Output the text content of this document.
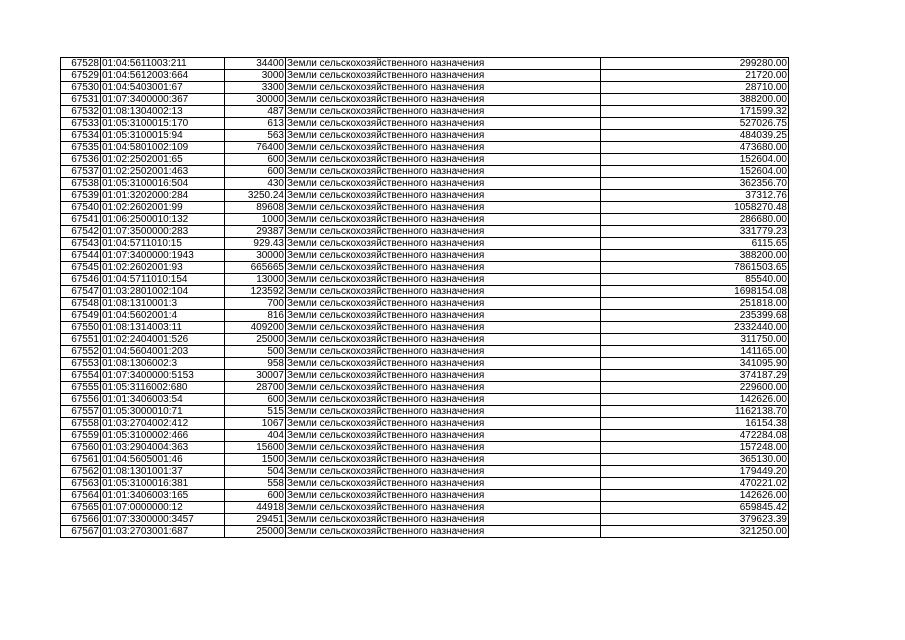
67528	01:04:5611003:211	34400	Земли сельскохозяйственного назначения	299280.00
67529	01:04:5612003:664	3000	Земли сельскохозяйственного назначения	21720.00
67530	01:04:5403001:67	3300	Земли сельскохозяйственного назначения	28710.00
67531	01:07:3400000:367	30000	Земли сельскохозяйственного назначения	388200.00
67532	01:08:1304002:13	487	Земли сельскохозяйственного назначения	171599.32
67533	01:05:3100015:170	613	Земли сельскохозяйственного назначения	527026.75
67534	01:05:3100015:94	563	Земли сельскохозяйственного назначения	484039.25
67535	01:04:5801002:109	76400	Земли сельскохозяйственного назначения	473680.00
67536	01:02:2502001:65	600	Земли сельскохозяйственного назначения	152604.00
67537	01:02:2502001:463	600	Земли сельскохозяйственного назначения	152604.00
67538	01:05:3100016:504	430	Земли сельскохозяйственного назначения	362356.70
67539	01:01:3202000:284	3250.24	Земли сельскохозяйственного назначения	37312.76
67540	01:02:2602001:99	89608	Земли сельскохозяйственного назначения	1058270.48
67541	01:06:2500010:132	1000	Земли сельскохозяйственного назначения	286680.00
67542	01:07:3500000:283	29387	Земли сельскохозяйственного назначения	331779.23
67543	01:04:5711010:15	929.43	Земли сельскохозяйственного назначения	6115.65
67544	01:07:3400000:1943	30000	Земли сельскохозяйственного назначения	388200.00
67545	01:02:2602001:93	665665	Земли сельскохозяйственного назначения	7861503.65
67546	01:04:5711010:154	13000	Земли сельскохозяйственного назначения	85540.00
67547	01:03:2801002:104	123592	Земли сельскохозяйственного назначения	1698154.08
67548	01:08:1310001:3	700	Земли сельскохозяйственного назначения	251818.00
67549	01:04:5602001:4	816	Земли сельскохозяйственного назначения	235399.68
67550	01:08:1314003:11	409200	Земли сельскохозяйственного назначения	2332440.00
67551	01:02:2404001:526	25000	Земли сельскохозяйственного назначения	311750.00
67552	01:04:5604001:203	500	Земли сельскохозяйственного назначения	141165.00
67553	01:08:1306002:3	958	Земли сельскохозяйственного назначения	341095.90
67554	01:07:3400000:5153	30007	Земли сельскохозяйственного назначения	374187.29
67555	01:05:3116002:680	28700	Земли сельскохозяйственного назначения	229600.00
67556	01:01:3406003:54	600	Земли сельскохозяйственного назначения	142626.00
67557	01:05:3000010:71	515	Земли сельскохозяйственного назначения	1162138.70
67558	01:03:2704002:412	1067	Земли сельскохозяйственного назначения	16154.38
67559	01:05:3100002:466	404	Земли сельскохозяйственного назначения	472284.08
67560	01:03:2904004:363	15600	Земли сельскохозяйственного назначения	157248.00
67561	01:04:5605001:46	1500	Земли сельскохозяйственного назначения	365130.00
67562	01:08:1301001:37	504	Земли сельскохозяйственного назначения	179449.20
67563	01:05:3100016:381	558	Земли сельскохозяйственного назначения	470221.02
67564	01:01:3406003:165	600	Земли сельскохозяйственного назначения	142626.00
67565	01:07:0000000:12	44918	Земли сельскохозяйственного назначения	659845.42
67566	01:07:3300000:3457	29451	Земли сельскохозяйственного назначения	379623.39
67567	01:03:2703001:687	25000	Земли сельскохозяйственного назначения	321250.00
